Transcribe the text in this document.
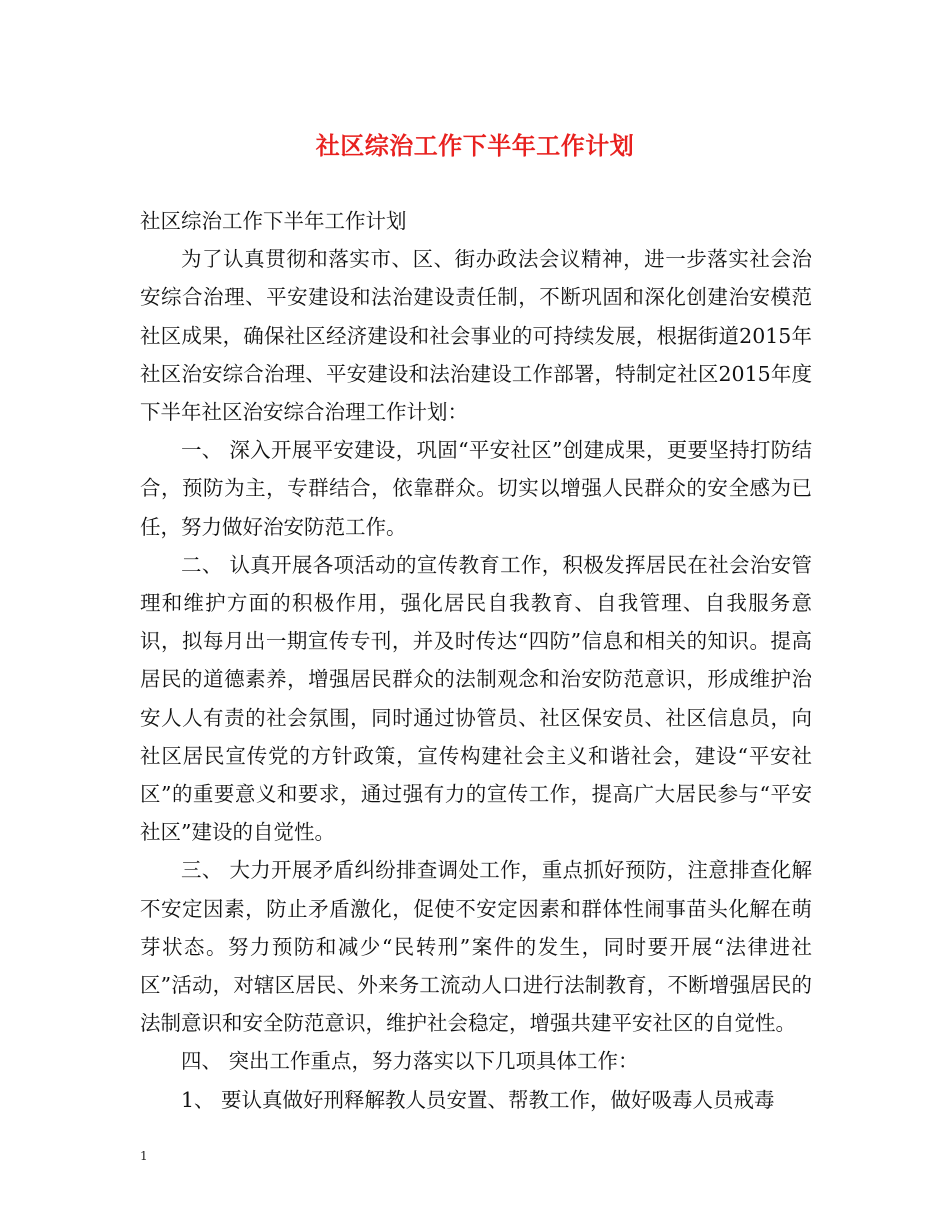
社区综治工作下半年工作计划

社区综治工作下半年工作计划

为了认真贯彻和落实市、区、街办政法会议精神，进一步落实社会治安综合治理、平安建设和法治建设责任制，不断巩固和深化创建治安模范社区成果，确保社区经济建设和社会事业的可持续发展，根据街道2015年社区治安综合治理、平安建设和法治建设工作部署，特制定社区2015年度下半年社区治安综合治理工作计划：

一、 深入开展平安建设，巩固“平安社区”创建成果，更要坚持打防结合，预防为主，专群结合，依靠群众。切实以增强人民群众的安全感为已任，努力做好治安防范工作。

二、 认真开展各项活动的宣传教育工作，积极发挥居民在社会治安管理和维护方面的积极作用，强化居民自我教育、自我管理、自我服务意识，拟每月出一期宣传专刊，并及时传达“四防”信息和相关的知识。提高居民的道德素养，增强居民群众的法制观念和治安防范意识，形成维护治安人人有责的社会氛围，同时通过协管员、社区保安员、社区信息员，向社区居民宣传党的方针政策，宣传构建社会主义和谐社会，建设“平安社区”的重要意义和要求，通过强有力的宣传工作，提高广大居民参与“平安社区”建设的自觉性。

三、 大力开展矛盾纠纷排查调处工作，重点抓好预防，注意排查化解不安定因素，防止矛盾激化，促使不安定因素和群体性闹事苗头化解在萌芽状态。努力预防和减少“民转刑”案件的发生，同时要开展“法律进社区”活动，对辖区居民、外来务工流动人口进行法制教育，不断增强居民的法制意识和安全防范意识，维护社会稳定，增强共建平安社区的自觉性。

四、 突出工作重点，努力落实以下几项具体工作：

1、 要认真做好刑释解教人员安置、帮教工作，做好吸毒人员戒毒

1
